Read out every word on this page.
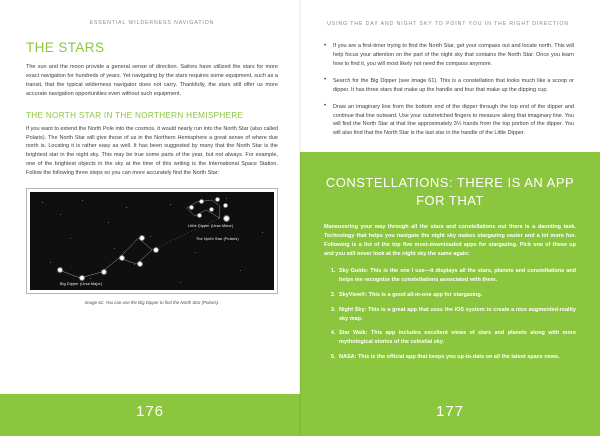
ESSENTIAL WILDERNESS NAVIGATION
THE STARS

The sun and the moon provide a general sense of direction. Sailors have utilized the stars for more exact navigation for hundreds of years. Yet navigating by the stars requires some equipment, such as a transit, that the typical wilderness navigator does not carry. Thankfully, the stars still offer us more accurate navigation opportunities even without such equipment.

THE NORTH STAR IN THE NORTHERN HEMISPHERE

If you want to extend the North Pole into the cosmos, it would nearly run into the North Star (also called Polaris). The North Star will give those of us in the Northern Hemisphere a great sense of where due north is. Locating it is rather easy as well. It has been suggested by many that the North Star is the brightest star in the night sky. This may be true some parts of the year, but not always. For example, one of the brightest objects in the sky at the time of this writing is the International Space Station. Follow the following three steps so you can more accurately find the North Star:

Little Dipper (Ursa Minor)
The North Star (Polaris)
Big Dipper (Ursa Major)
Image 61: You can use the Big Dipper to find the North Star (Polaris).
176
USING THE DAY AND NIGHT SKY TO POINT YOU IN THE RIGHT DIRECTION
• If you are a first-timer trying to find the North Star, get your compass out and locate north. This will help focus your attention on the part of the night sky that contains the North Star. Once you learn how to find it, you will most likely not need the compass anymore.
• Search for the Big Dipper (see image 61). This is a constellation that looks much like a scoop or dipper. It has three stars that make up the handle and four that make up the dipping cup.
• Draw an imaginary line from the bottom end of the dipper through the top end of the dipper and continue that line outward. Use your outstretched fingers to measure along that imaginary line. You will find the North Star at that line approximately 3½ hands from the top portion of the dipper. You will also find that the North Star is the last star in the handle of the Little Dipper.
CONSTELLATIONS: THERE IS AN APP FOR THAT

Maneuvering your way through all the stars and constellations out there is a daunting task. Technology that helps you navigate the night sky makes stargazing easier and a lot more fun. Following is a list of the top five most-downloaded apps for stargazing. Pick one of these up and you will never look at the night sky the same again:

1. Sky Guide: This is the one I use—it displays all the stars, planets and constellations and helps me recognize the constellations associated with them.
2. SkyView®: This is a good all-in-one app for stargazing.
3. Night Sky: This is a great app that uses the iOS system to create a nice augmented-reality sky map.
4. Star Walk: This app includes excellent views of stars and planets along with more mythological stories of the celestial sky.
5. NASA: This is the official app that keeps you up-to-date on all the latest space news.
177
